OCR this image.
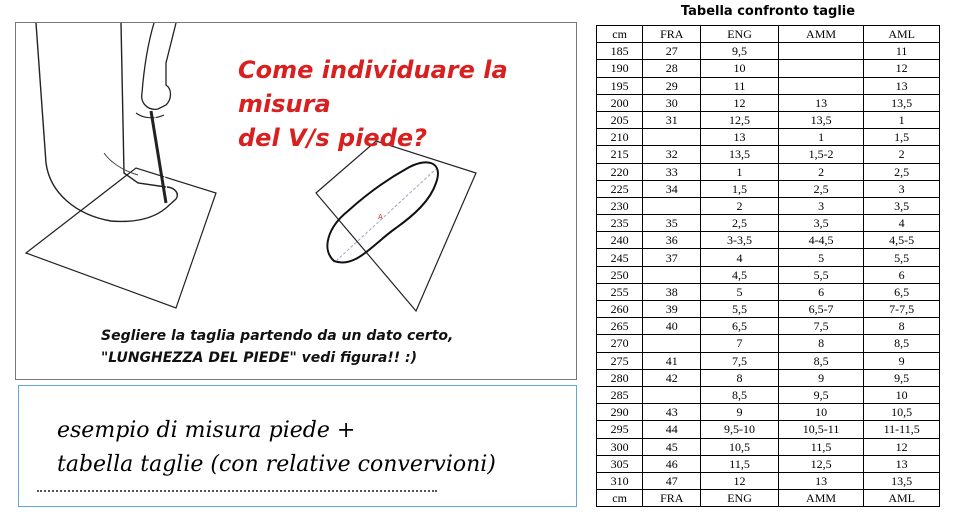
A
Come individuare la misura
del V/s piede?
Segliere la taglia partendo da un dato certo,
"LUNGHEZZA DEL PIEDE" vedi figura!! :)
esempio di misura piede +
tabella taglie (con relative convervioni)
Tabella confronto taglie
cm	FRA	ENG	AMM	AML
185	27	9,5		11
190	28	10		12
195	29	11		13
200	30	12	13	13,5
205	31	12,5	13,5	1
210		13	1	1,5
215	32	13,5	1,5-2	2
220	33	1	2	2,5
225	34	1,5	2,5	3
230		2	3	3,5
235	35	2,5	3,5	4
240	36	3-3,5	4-4,5	4,5-5
245	37	4	5	5,5
250		4,5	5,5	6
255	38	5	6	6,5
260	39	5,5	6,5-7	7-7,5
265	40	6,5	7,5	8
270		7	8	8,5
275	41	7,5	8,5	9
280	42	8	9	9,5
285		8,5	9,5	10
290	43	9	10	10,5
295	44	9,5-10	10,5-11	11-11,5
300	45	10,5	11,5	12
305	46	11,5	12,5	13
310	47	12	13	13,5
cm	FRA	ENG	AMM	AML
